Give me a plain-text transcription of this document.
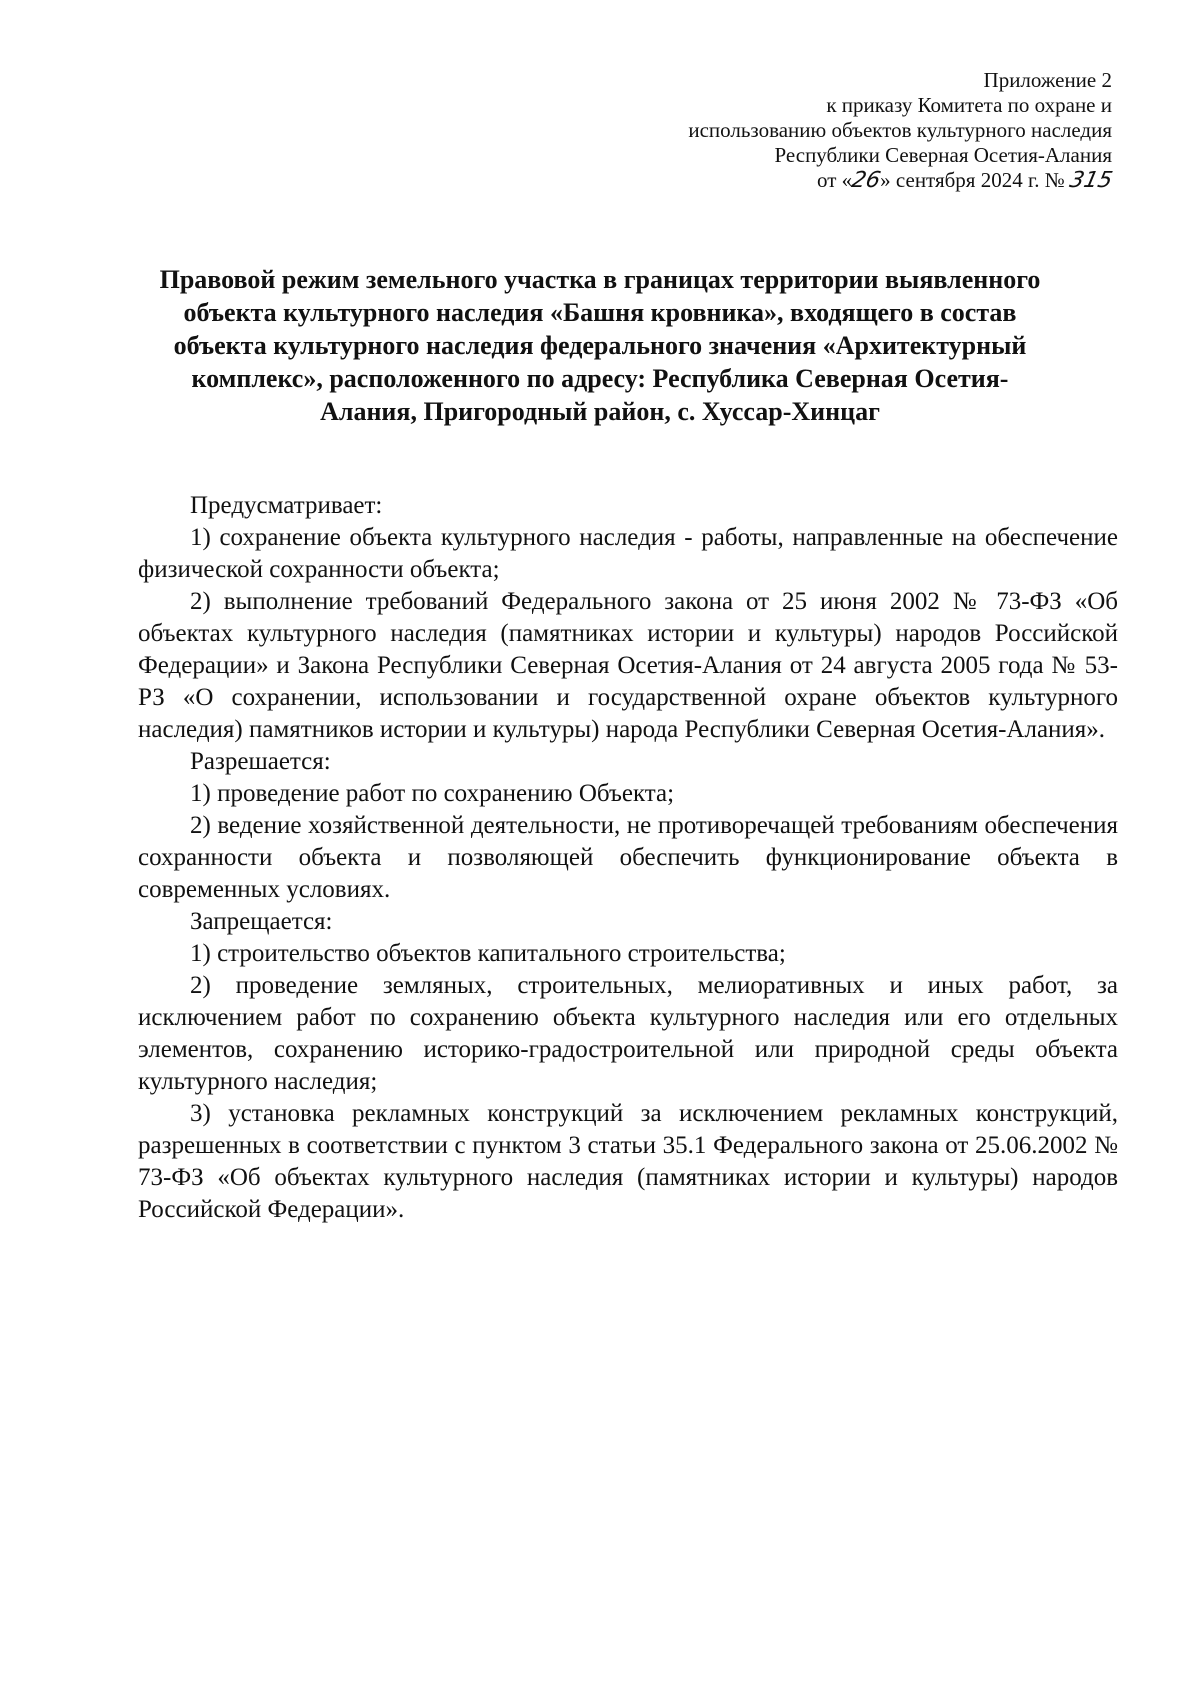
Приложение 2
к приказу Комитета по охране и
использованию объектов культурного наследия
Республики Северная Осетия-Алания
от «26» сентября 2024 г. № 315
Правовой режим земельного участка в границах территории выявленного
объекта культурного наследия «Башня кровника», входящего в состав
объекта культурного наследия федерального значения «Архитектурный
комплекс», расположенного по адресу: Республика Северная Осетия-
Алания, Пригородный район, с. Хуссар-Хинцаг

Предусматривает:

1) сохранение объекта культурного наследия - работы, направленные на обеспечение физической сохранности объекта;

2) выполнение требований Федерального закона от 25 июня 2002 № 73-ФЗ «Об объектах культурного наследия (памятниках истории и культуры) народов Российской Федерации» и Закона Республики Северная Осетия-Алания от 24 августа 2005 года № 53-РЗ «О сохранении, использовании и государственной охране объектов культурного наследия) памятников истории и культуры) народа Республики Северная Осетия-Алания».

Разрешается:

1) проведение работ по сохранению Объекта;

2) ведение хозяйственной деятельности, не противоречащей требованиям обеспечения сохранности объекта и позволяющей обеспечить функционирование объекта в современных условиях.

Запрещается:

1) строительство объектов капитального строительства;

2) проведение земляных, строительных, мелиоративных и иных работ, за исключением работ по сохранению объекта культурного наследия или его отдельных элементов, сохранению историко-градостроительной или природной среды объекта культурного наследия;

3) установка рекламных конструкций за исключением рекламных конструкций, разрешенных в соответствии с пунктом 3 статьи 35.1 Федерального закона от 25.06.2002 № 73-ФЗ «Об объектах культурного наследия (памятниках истории и культуры) народов Российской Федерации».
